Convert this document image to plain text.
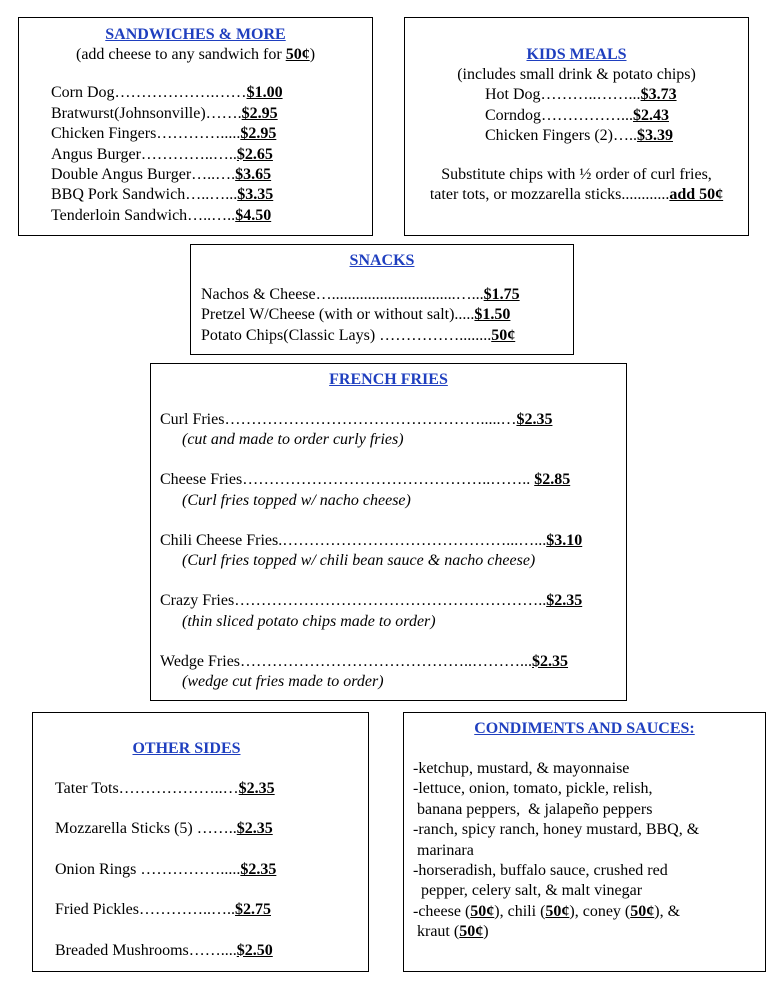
SANDWICHES & MORE
(add cheese to any sandwich for 50¢)
Corn Dog……………….……$1.00
Bratwurst(Johnsonville)…….$2.95
Chicken Fingers………….....$2.95
Angus Burger…………..…..$2.65
Double Angus Burger…..….$3.65
BBQ Pork Sandwich…..…...$3.35
Tenderloin Sandwich…..…..$4.50
KIDS MEALS
(includes small drink & potato chips)
Hot Dog………..……...$3.73
Corndog……………...$2.43
Chicken Fingers (2)…..$3.39
Substitute chips with ½ order of curl fries,
tater tots, or mozzarella sticks............add 50¢
SNACKS
Nachos & Cheese…...............................…...$1.75
Pretzel W/Cheese (with or without salt).....$1.50
Potato Chips(Classic Lays) ……………........50¢
FRENCH FRIES
Curl Fries………………………………………….....…$2.35
(cut and made to order curly fries)
Cheese Fries………………………………………..…….. $2.85
(Curl fries topped w/ nacho cheese)
Chili Cheese Fries.……………………………………...…...$3.10
(Curl fries topped w/ chili bean sauce & nacho cheese)
Crazy Fries…………………………………………………..$2.35
(thin sliced potato chips made to order)
Wedge Fries……………………………………..………...$2.35
(wedge cut fries made to order)
OTHER SIDES
Tater Tots………………..…$2.35
Mozzarella Sticks (5) ……..$2.35
Onion Rings …………….....$2.35
Fried Pickles…………..…..$2.75
Breaded Mushrooms……....$2.50
CONDIMENTS AND SAUCES:
-ketchup, mustard, & mayonnaise
-lettuce, onion, tomato, pickle, relish,
banana peppers,  & jalapeño peppers
-ranch, spicy ranch, honey mustard, BBQ, &
marinara
-horseradish, buffalo sauce, crushed red
pepper, celery salt, & malt vinegar
-cheese (50¢), chili (50¢), coney (50¢), &
kraut (50¢)
